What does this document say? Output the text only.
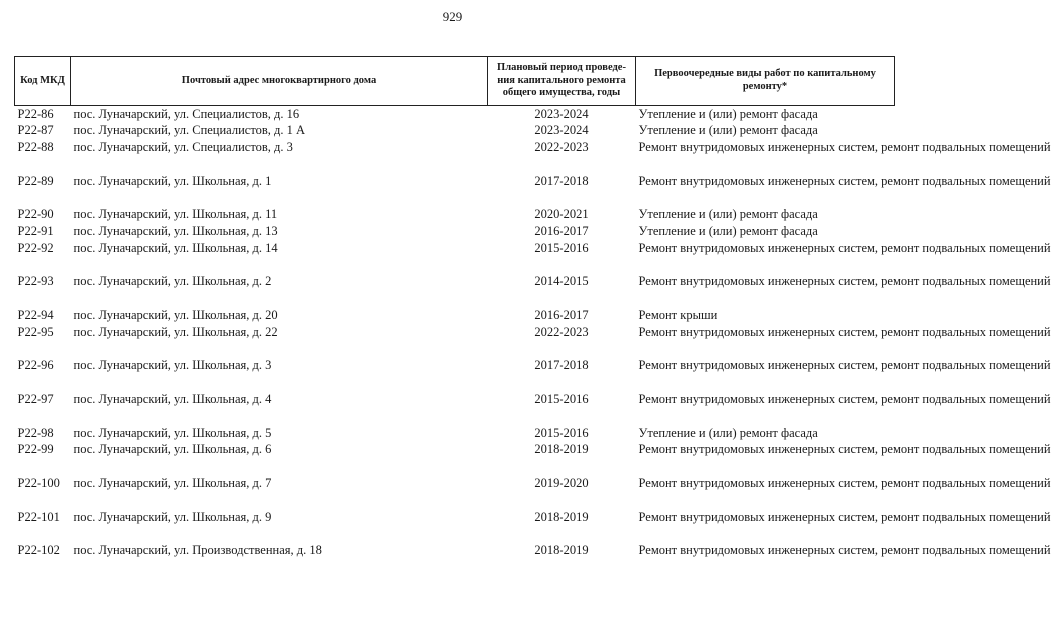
929
Код МКД	Почтовый адрес многоквартирного дома	Плановый период проведе-ния капитального ремонта общего имущества, годы	Первоочередные виды работ по капитальному ремонту*
Р22-86	пос. Луначарский, ул. Специалистов, д. 16	2023-2024	Утепление и (или) ремонт фасада
Р22-87	пос. Луначарский, ул. Специалистов, д. 1 А	2023-2024	Утепление и (или) ремонт фасада
Р22-88	пос. Луначарский, ул. Специалистов, д. 3	2022-2023	Ремонт внутридомовых инженерных систем, ремонт подвальных помещений
Р22-89	пос. Луначарский, ул. Школьная, д. 1	2017-2018	Ремонт внутридомовых инженерных систем, ремонт подвальных помещений
Р22-90	пос. Луначарский, ул. Школьная, д. 11	2020-2021	Утепление и (или) ремонт фасада
Р22-91	пос. Луначарский, ул. Школьная, д. 13	2016-2017	Утепление и (или) ремонт фасада
Р22-92	пос. Луначарский, ул. Школьная, д. 14	2015-2016	Ремонт внутридомовых инженерных систем, ремонт подвальных помещений
Р22-93	пос. Луначарский, ул. Школьная, д. 2	2014-2015	Ремонт внутридомовых инженерных систем, ремонт подвальных помещений
Р22-94	пос. Луначарский, ул. Школьная, д. 20	2016-2017	Ремонт крыши
Р22-95	пос. Луначарский, ул. Школьная, д. 22	2022-2023	Ремонт внутридомовых инженерных систем, ремонт подвальных помещений
Р22-96	пос. Луначарский, ул. Школьная, д. 3	2017-2018	Ремонт внутридомовых инженерных систем, ремонт подвальных помещений
Р22-97	пос. Луначарский, ул. Школьная, д. 4	2015-2016	Ремонт внутридомовых инженерных систем, ремонт подвальных помещений
Р22-98	пос. Луначарский, ул. Школьная, д. 5	2015-2016	Утепление и (или) ремонт фасада
Р22-99	пос. Луначарский, ул. Школьная, д. 6	2018-2019	Ремонт внутридомовых инженерных систем, ремонт подвальных помещений
Р22-100	пос. Луначарский, ул. Школьная, д. 7	2019-2020	Ремонт внутридомовых инженерных систем, ремонт подвальных помещений
Р22-101	пос. Луначарский, ул. Школьная, д. 9	2018-2019	Ремонт внутридомовых инженерных систем, ремонт подвальных помещений
Р22-102	пос. Луначарский, ул. Производственная, д. 18	2018-2019	Ремонт внутридомовых инженерных систем, ремонт подвальных помещений
